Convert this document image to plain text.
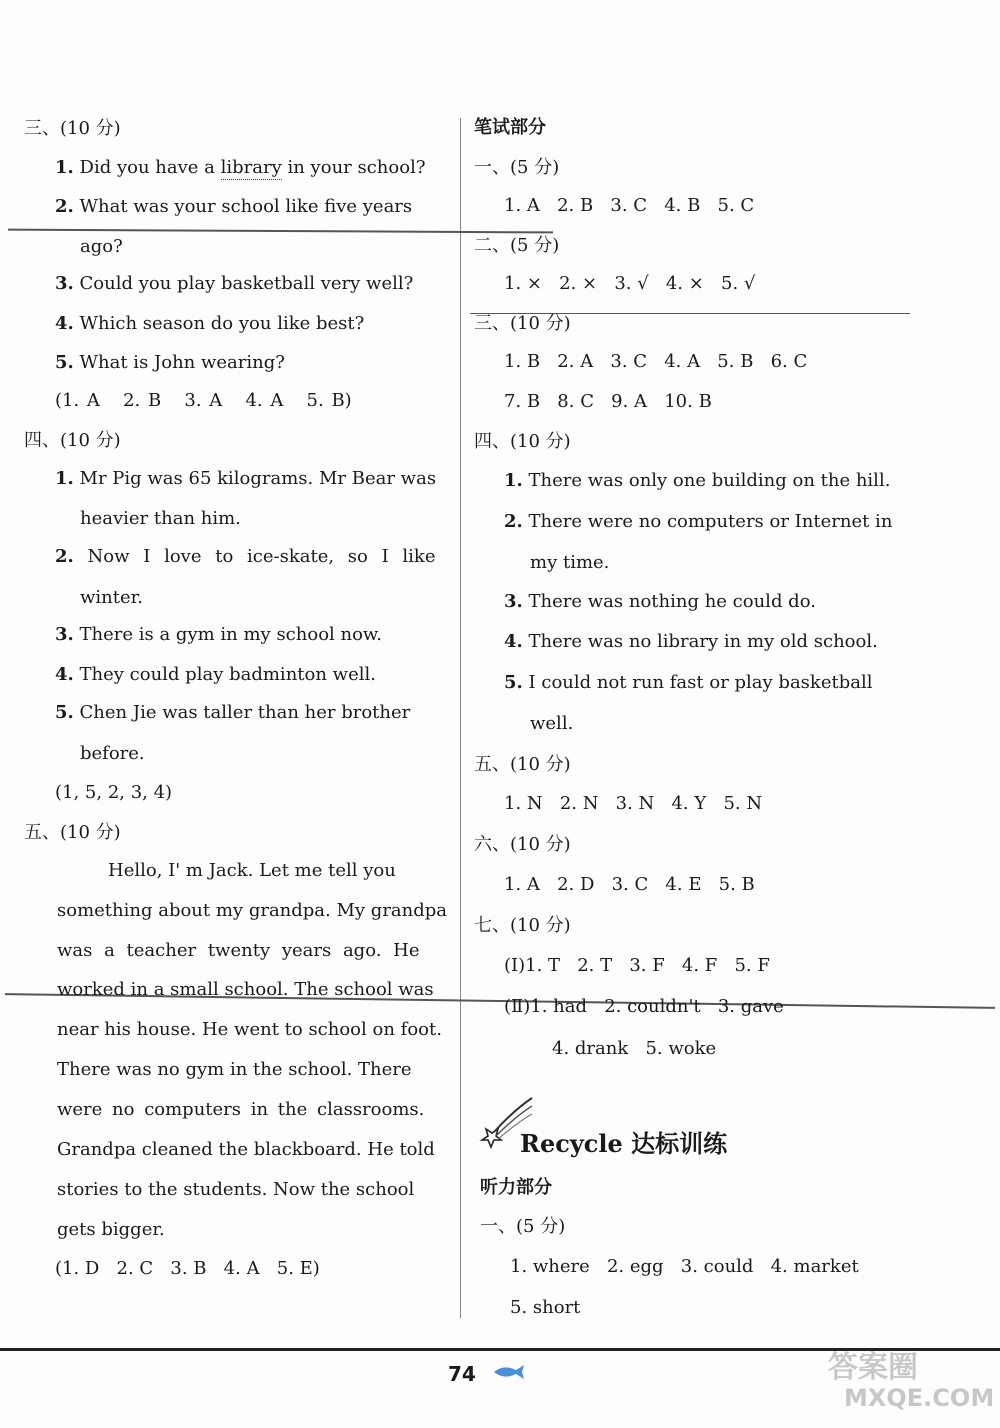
三、(10 分)
1. Did you have a library in your school?
2. What was your school like five years
ago?
3. Could you play basketball very well?
4. Which season do you like best?
5. What is John wearing?
(1. A 2. B 3. A 4. A 5. B)
四、(10 分)
1. Mr Pig was 65 kilograms. Mr Bear was
heavier than him.
2. Now I love to ice-skate, so I like
winter.
3. There is a gym in my school now.
4. They could play badminton well.
5. Chen Jie was taller than her brother
before.
(1, 5, 2, 3, 4)
五、(10 分)
Hello, I' m Jack. Let me tell you
something about my grandpa. My grandpa
was a teacher twenty years ago. He
worked in a small school. The school was
near his house. He went to school on foot.
There was no gym in the school. There
were no computers in the classrooms.
Grandpa cleaned the blackboard. He told
stories to the students. Now the school
gets bigger.
(1. D 2. C 3. B 4. A 5. E)
笔试部分
一、(5 分)
1. A 2. B 3. C 4. B 5. C
二、(5 分)
1. × 2. × 3. √ 4. × 5. √
三、(10 分)
1. B 2. A 3. C 4. A 5. B 6. C
7. B 8. C 9. A 10. B
四、(10 分)
1. There was only one building on the hill.
2. There were no computers or Internet in
my time.
3. There was nothing he could do.
4. There was no library in my old school.
5. I could not run fast or play basketball
well.
五、(10 分)
1. N 2. N 3. N 4. Y 5. N
六、(10 分)
1. A 2. D 3. C 4. E 5. B
七、(10 分)
(Ⅰ)1. T 2. T 3. F 4. F 5. F
(Ⅱ)1. had 2. couldn't 3. gave
4. drank 5. woke
Recycle 达标训练
听力部分
一、(5 分)
1. where 2. egg 3. could 4. market
5. short
74	答案圈
MXQE.COM
